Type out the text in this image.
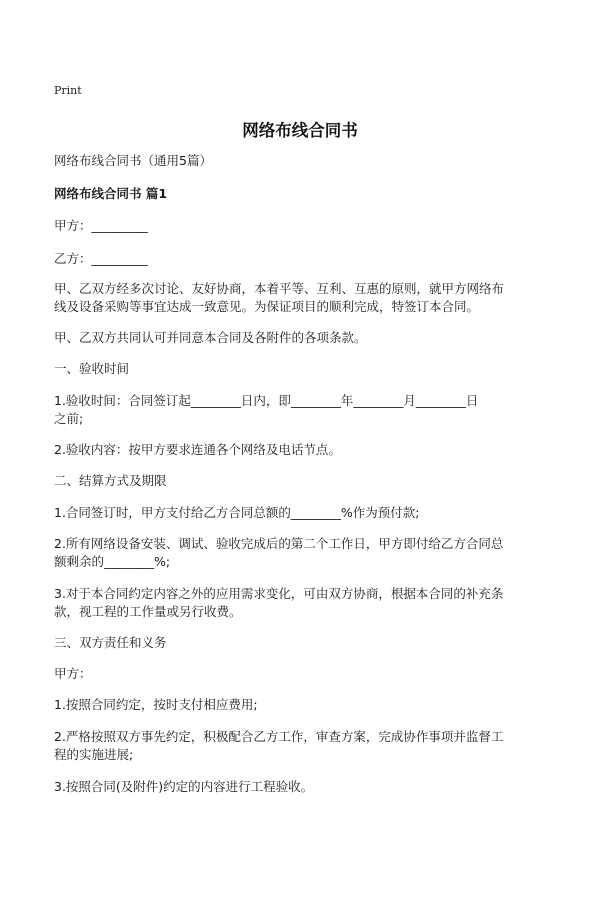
Print
网络布线合同书

网络布线合同书（通用5篇）

网络布线合同书 篇1

甲方：_________

乙方：_________

甲、乙双方经多次讨论、友好协商，本着平等、互利、互惠的原则，就甲方网络布

线及设备采购等事宜达成一致意见。为保证项目的顺利完成，特签订本合同。

甲、乙双方共同认可并同意本合同及各附件的各项条款。

一、验收时间

1.验收时间：合同签订起________日内，即________年________月________日

之前;

2.验收内容：按甲方要求连通各个网络及电话节点。

二、结算方式及期限

1.合同签订时，甲方支付给乙方合同总额的________%作为预付款;

2.所有网络设备安装、调试、验收完成后的第二个工作日，甲方即付给乙方合同总

额剩余的________%;

3.对于本合同约定内容之外的应用需求变化，可由双方协商，根据本合同的补充条

款，视工程的工作量或另行收费。

三、双方责任和义务

甲方：

1.按照合同约定，按时支付相应费用;

2.严格按照双方事先约定，积极配合乙方工作，审查方案，完成协作事项并监督工

程的实施进展;

3.按照合同(及附件)约定的内容进行工程验收。
